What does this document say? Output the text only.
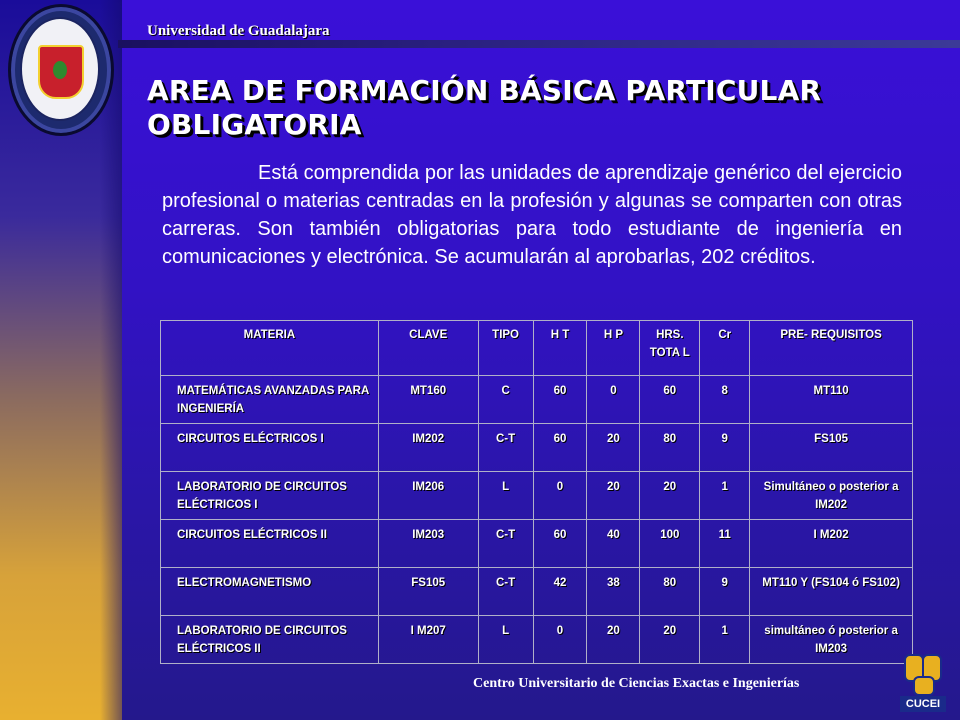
Universidad de Guadalajara
AREA DE FORMACIÓN BÁSICA PARTICULAR
OBLIGATORIA
Está comprendida por las unidades de aprendizaje genérico del ejercicio profesional o materias centradas en la profesión y algunas se comparten con otras carreras. Son también obligatorias para todo estudiante de ingeniería en comunicaciones y electrónica. Se acumularán al aprobarlas, 202 créditos.
MATERIA	CLAVE	TIPO	H T	H P	HRS. TOTA L	Cr	PRE- REQUISITOS
MATEMÁTICAS AVANZADAS PARA INGENIERÍA	MT160	C	60	0	60	8	MT110
CIRCUITOS ELÉCTRICOS I	IM202	C-T	60	20	80	9	FS105
LABORATORIO DE CIRCUITOS ELÉCTRICOS I	IM206	L	0	20	20	1	Simultáneo o posterior a IM202
CIRCUITOS ELÉCTRICOS II	IM203	C-T	60	40	100	11	I M202
ELECTROMAGNETISMO	FS105	C-T	42	38	80	9	MT110 Y (FS104 ó FS102)
LABORATORIO DE CIRCUITOS ELÉCTRICOS II	I M207	L	0	20	20	1	simultáneo ó posterior a IM203
Centro Universitario de Ciencias Exactas e Ingenierías
CUCEI
